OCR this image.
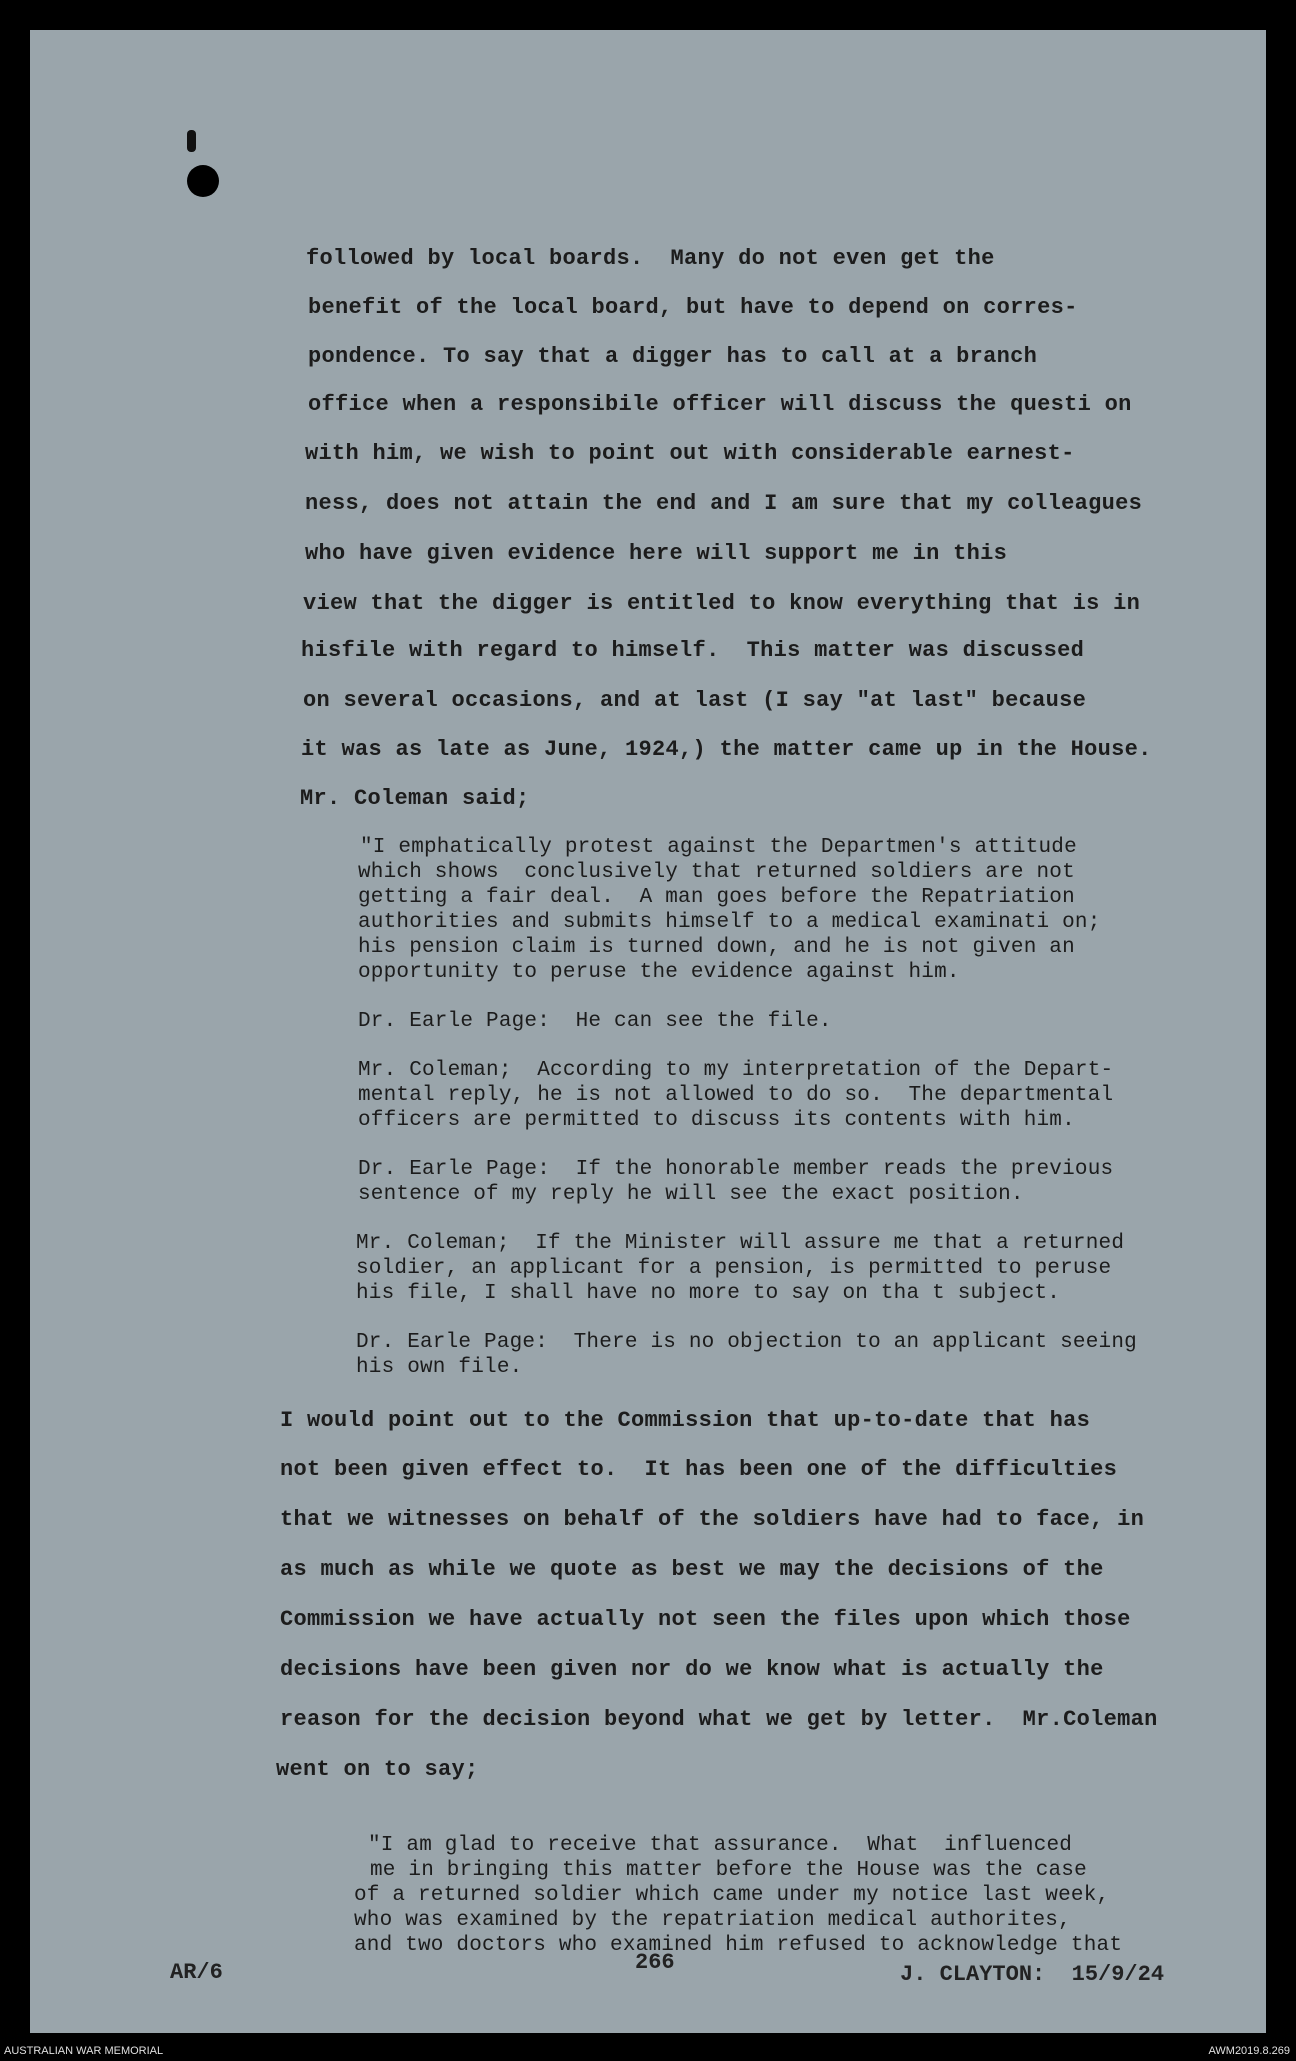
followed by local boards.  Many do not even get the

benefit of the local board, but have to depend on corres-

pondence. To say that a digger has to call at a branch

office when a responsibile officer will discuss the questi on

with him, we wish to point out with considerable earnest-

ness, does not attain the end and I am sure that my colleagues

who have given evidence here will support me in this

view that the digger is entitled to know everything that is in

hisfile with regard to himself.  This matter was discussed

on several occasions, and at last (I say "at last" because

it was as late as June, 1924,) the matter came up in the House.

Mr. Coleman said;

"I emphatically protest against the Departmen's attitude

which shows  conclusively that returned soldiers are not

getting a fair deal.  A man goes before the Repatriation

authorities and submits himself to a medical examinati on;

his pension claim is turned down, and he is not given an

opportunity to peruse the evidence against him.

Dr. Earle Page:  He can see the file.

Mr. Coleman;  According to my interpretation of the Depart-

mental reply, he is not allowed to do so.  The departmental

officers are permitted to discuss its contents with him.

Dr. Earle Page:  If the honorable member reads the previous

sentence of my reply he will see the exact position.

Mr. Coleman;  If the Minister will assure me that a returned

soldier, an applicant for a pension, is permitted to peruse

his file, I shall have no more to say on tha t subject.

Dr. Earle Page:  There is no objection to an applicant seeing

his own file.

I would point out to the Commission that up-to-date that has

not been given effect to.  It has been one of the difficulties

that we witnesses on behalf of the soldiers have had to face, in

as much as while we quote as best we may the decisions of the

Commission we have actually not seen the files upon which those

decisions have been given nor do we know what is actually the

reason for the decision beyond what we get by letter.  Mr.Coleman

went on to say;

"I am glad to receive that assurance.  What  influenced

me in bringing this matter before the House was the case

of a returned soldier which came under my notice last week,

who was examined by the repatriation medical authorites,

and two doctors who examined him refused to acknowledge that

AR/6	266	J. CLAYTON:  15/9/24

AUSTRALIAN WAR MEMORIAL	AWM2019.8.269
